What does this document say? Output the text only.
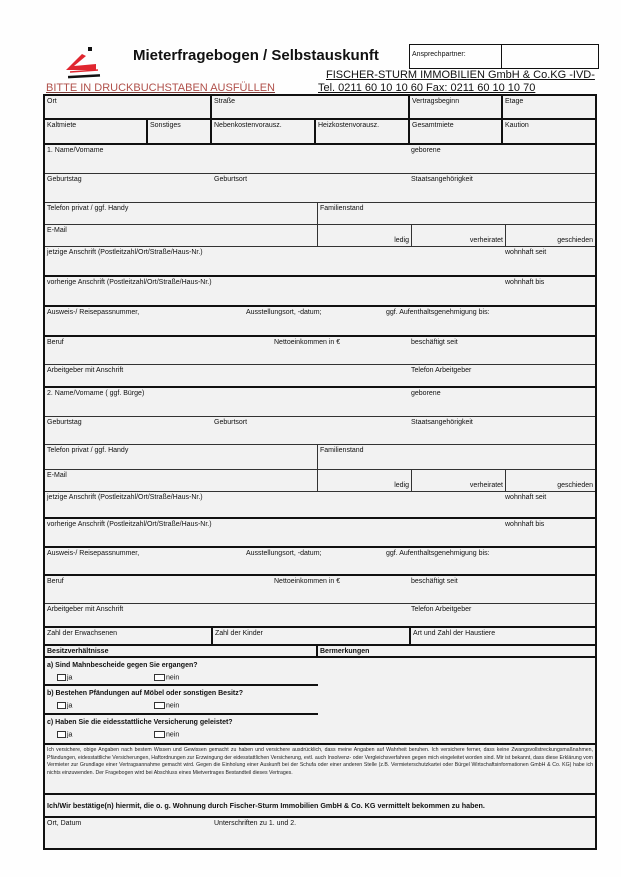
Mieterfragebogen / Selbstauskunft	Ansprechpartner:
FISCHER-STURM IMMOBILIEN GmbH & Co.KG -IVD-
Tel. 0211 60 10 10 60 Fax: 0211 60 10 10 70
BITTE IN DRUCKBUCHSTABEN AUSFÜLLEN
Ort	Straße	Vertragsbeginn	Etage
Kaltmiete	Sonstiges	Nebenkostenvorausz.	Heizkostenvorausz.	Gesamtmiete	Kaution
1. Name/Vorname	geborene
Geburtstag	Geburtsort	Staatsangehörigkeit
Telefon privat / ggf. Handy	Familienstand
E-Mail
ledig	verheiratet	geschieden
jetzige Anschrift (Postleitzahl/Ort/Straße/Haus-Nr.)	wohnhaft seit
vorherige Anschrift (Postleitzahl/Ort/Straße/Haus-Nr.)	wohnhaft bis
Ausweis-/ Reisepassnummer,	Ausstellungsort, -datum;	ggf. Aufenthaltsgenehmigung bis:
Beruf	Nettoeinkommen in €	beschäftigt seit
Arbeitgeber mit Anschrift	Telefon Arbeitgeber
2. Name/Vorname ( ggf. Bürge)	geborene
Geburtstag	Geburtsort	Staatsangehörigkeit
Telefon privat / ggf. Handy	Familienstand
E-Mail
ledig	verheiratet	geschieden
jetzige Anschrift (Postleitzahl/Ort/Straße/Haus-Nr.)	wohnhaft seit
vorherige Anschrift (Postleitzahl/Ort/Straße/Haus-Nr.)	wohnhaft bis
Ausweis-/ Reisepassnummer,	Ausstellungsort, -datum;	ggf. Aufenthaltsgenehmigung bis:
Beruf	Nettoeinkommen in €	beschäftigt seit
Arbeitgeber mit Anschrift	Telefon Arbeitgeber
Zahl der Erwachsenen	Zahl der Kinder	Art und Zahl der Haustiere
Besitzverhältnisse	Bermerkungen
a) Sind Mahnbescheide gegen Sie ergangen?
ja	nein
b) Bestehen Pfändungen auf Möbel oder sonstigen Besitz?
ja	nein
c) Haben Sie die eidesstattliche Versicherung geleistet?
ja	nein
Ich versichere, obige Angaben nach bestem Wissen und Gewissen gemacht zu haben und versichere ausdrücklich, dass meine Angaben auf Wahrheit beruhen. Ich versichere ferner, dass keine Zwangsvollstreckungsmaßnahmen, Pfändungen, eidesstattliche Versicherungen, Haftordnungen zur Erzwingung der eidesstattlichen Versicherung, evtl. auch Insolvenz- oder Vergleichsverfahren gegen mich eingeleitet worden sind. Mir ist bekannt, dass diese Erklärung vom Vermieter zur Grundlage einer Vertragsannahme gemacht wird. Gegen die Einholung einer Auskunft bei der Schufa oder einer anderen Stelle (z.B. Vermieterschutzkartei oder Bürgel Wirtschaftsinformationen GmbH & Co. KG) habe ich nichts einzuwenden. Der Fragebogen wird bei Abschluss eines Mietvertrages Bestandteil dieses Vertrages.
Ich/Wir bestätige(n) hiermit, die o. g. Wohnung durch Fischer-Sturm Immobilien GmbH & Co. KG vermittelt bekommen zu haben.
Ort, Datum	Unterschriften zu 1. und 2.
